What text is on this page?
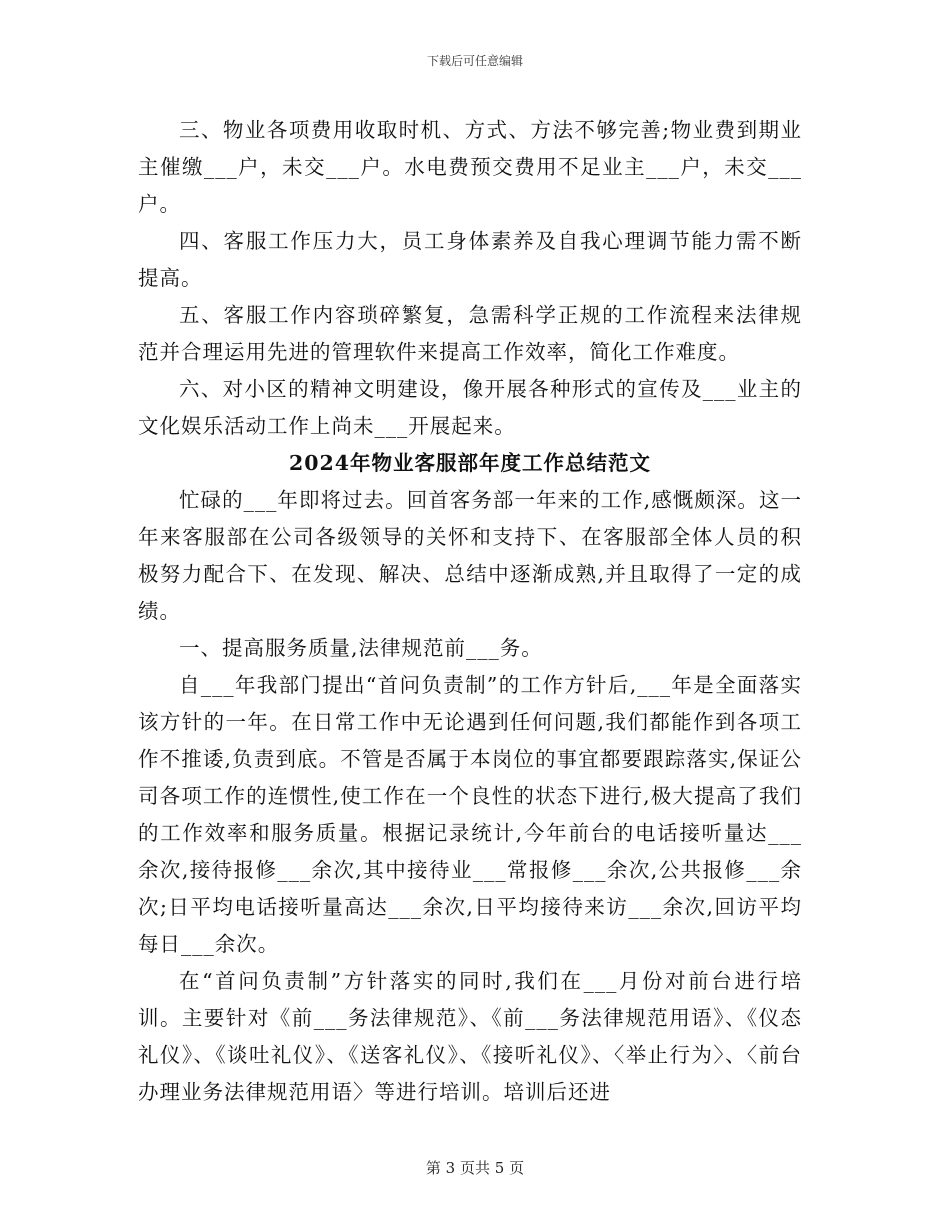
下载后可任意编辑

三、物业各项费用收取时机、方式、方法不够完善;物业费到期业主催缴___户，未交___户。水电费预交费用不足业主___户，未交___户。

四、客服工作压力大，员工身体素养及自我心理调节能力需不断提高。

五、客服工作内容琐碎繁复，急需科学正规的工作流程来法律规范并合理运用先进的管理软件来提高工作效率，简化工作难度。

六、对小区的精神文明建设，像开展各种形式的宣传及___业主的文化娱乐活动工作上尚未___开展起来。

2024年物业客服部年度工作总结范文

忙碌的___年即将过去。回首客务部一年来的工作,感慨颇深。这一年来客服部在公司各级领导的关怀和支持下、在客服部全体人员的积极努力配合下、在发现、解决、总结中逐渐成熟,并且取得了一定的成绩。

一、提高服务质量,法律规范前___务。

自___年我部门提出“首问负责制”的工作方针后,___年是全面落实该方针的一年。在日常工作中无论遇到任何问题,我们都能作到各项工作不推诿,负责到底。不管是否属于本岗位的事宜都要跟踪落实,保证公司各项工作的连惯性,使工作在一个良性的状态下进行,极大提高了我们的工作效率和服务质量。根据记录统计,今年前台的电话接听量达___余次,接待报修___余次,其中接待业___常报修___余次,公共报修___余次;日平均电话接听量高达___余次,日平均接待来访___余次,回访平均每日___余次。

在“首问负责制”方针落实的同时,我们在___月份对前台进行培训。主要针对《前___务法律规范》、《前___务法律规范用语》、《仪态礼仪》、《谈吐礼仪》、《送客礼仪》、《接听礼仪》、〈举止行为〉、〈前台办理业务法律规范用语〉等进行培训。培训后还进

第 3 页共 5 页
